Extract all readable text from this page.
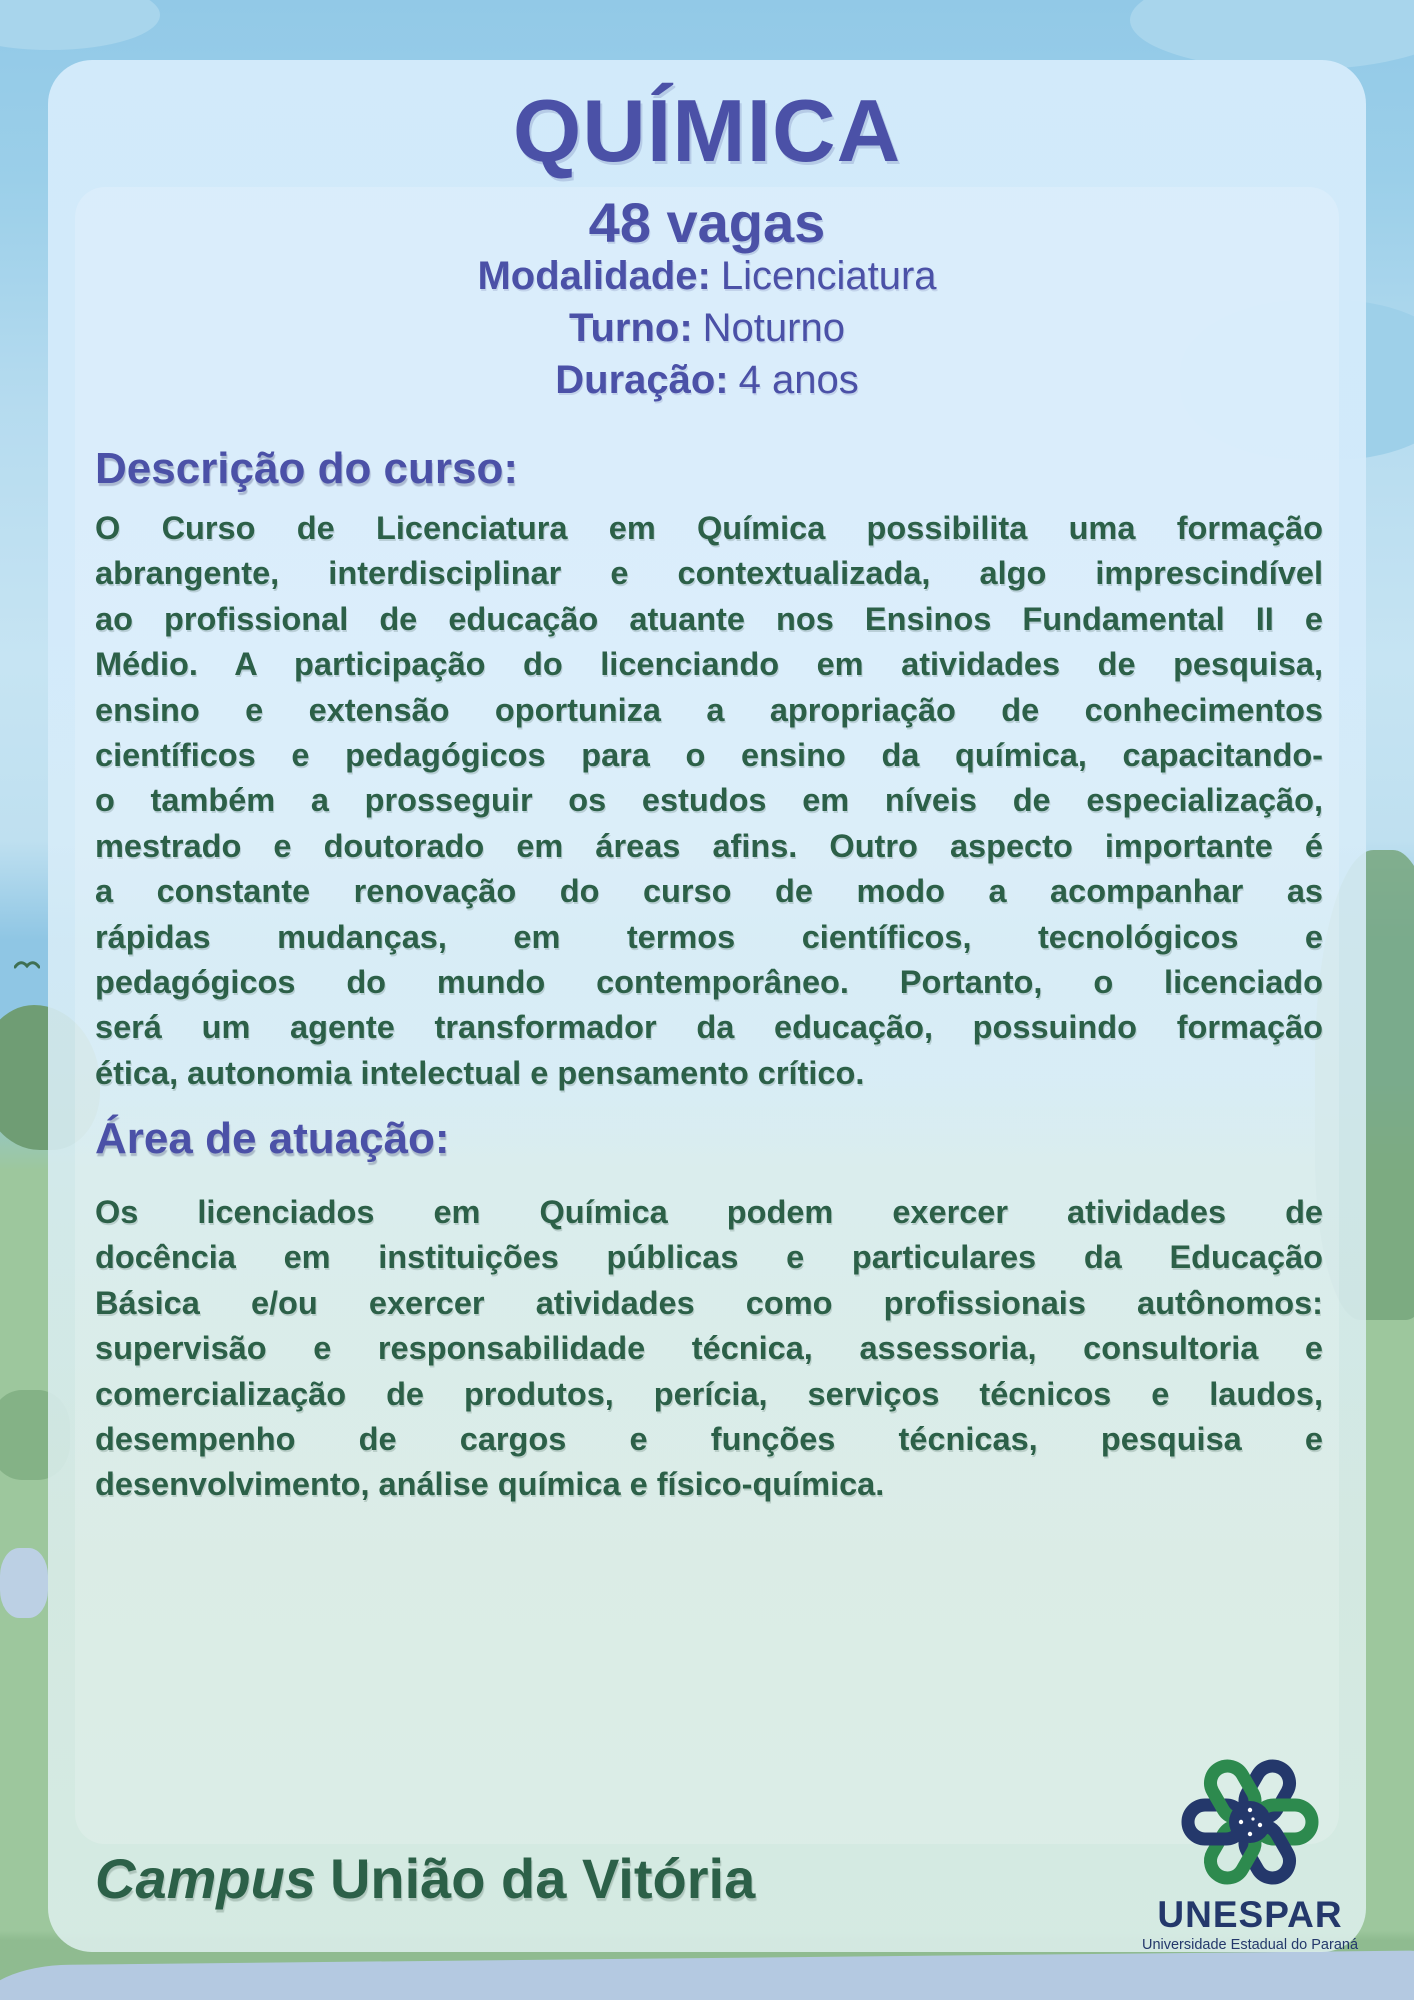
QUÍMICA
48 vagas
Modalidade: Licenciatura
Turno: Noturno
Duração: 4 anos
Descrição do curso:
O Curso de Licenciatura em Química possibilita uma formação
abrangente, interdisciplinar e contextualizada, algo imprescindível
ao profissional de educação atuante nos Ensinos Fundamental II e
Médio. A participação do licenciando em atividades de pesquisa,
ensino e extensão oportuniza a apropriação de conhecimentos
científicos e pedagógicos para o ensino da química, capacitando-
o também a prosseguir os estudos em níveis de especialização,
mestrado e doutorado em áreas afins. Outro aspecto importante é
a constante renovação do curso de modo a acompanhar as
rápidas mudanças, em termos científicos, tecnológicos e
pedagógicos do mundo contemporâneo. Portanto, o licenciado
será um agente transformador da educação, possuindo formação
ética, autonomia intelectual e pensamento crítico.
Área de atuação:
Os licenciados em Química podem exercer atividades de
docência em instituições públicas e particulares da Educação
Básica e/ou exercer atividades como profissionais autônomos:
supervisão e responsabilidade técnica, assessoria, consultoria e
comercialização de produtos, perícia, serviços técnicos e laudos,
desempenho de cargos e funções técnicas, pesquisa e
desenvolvimento, análise química e físico-química.
Campus União da Vitória
UNESPAR
Universidade Estadual do Paraná
